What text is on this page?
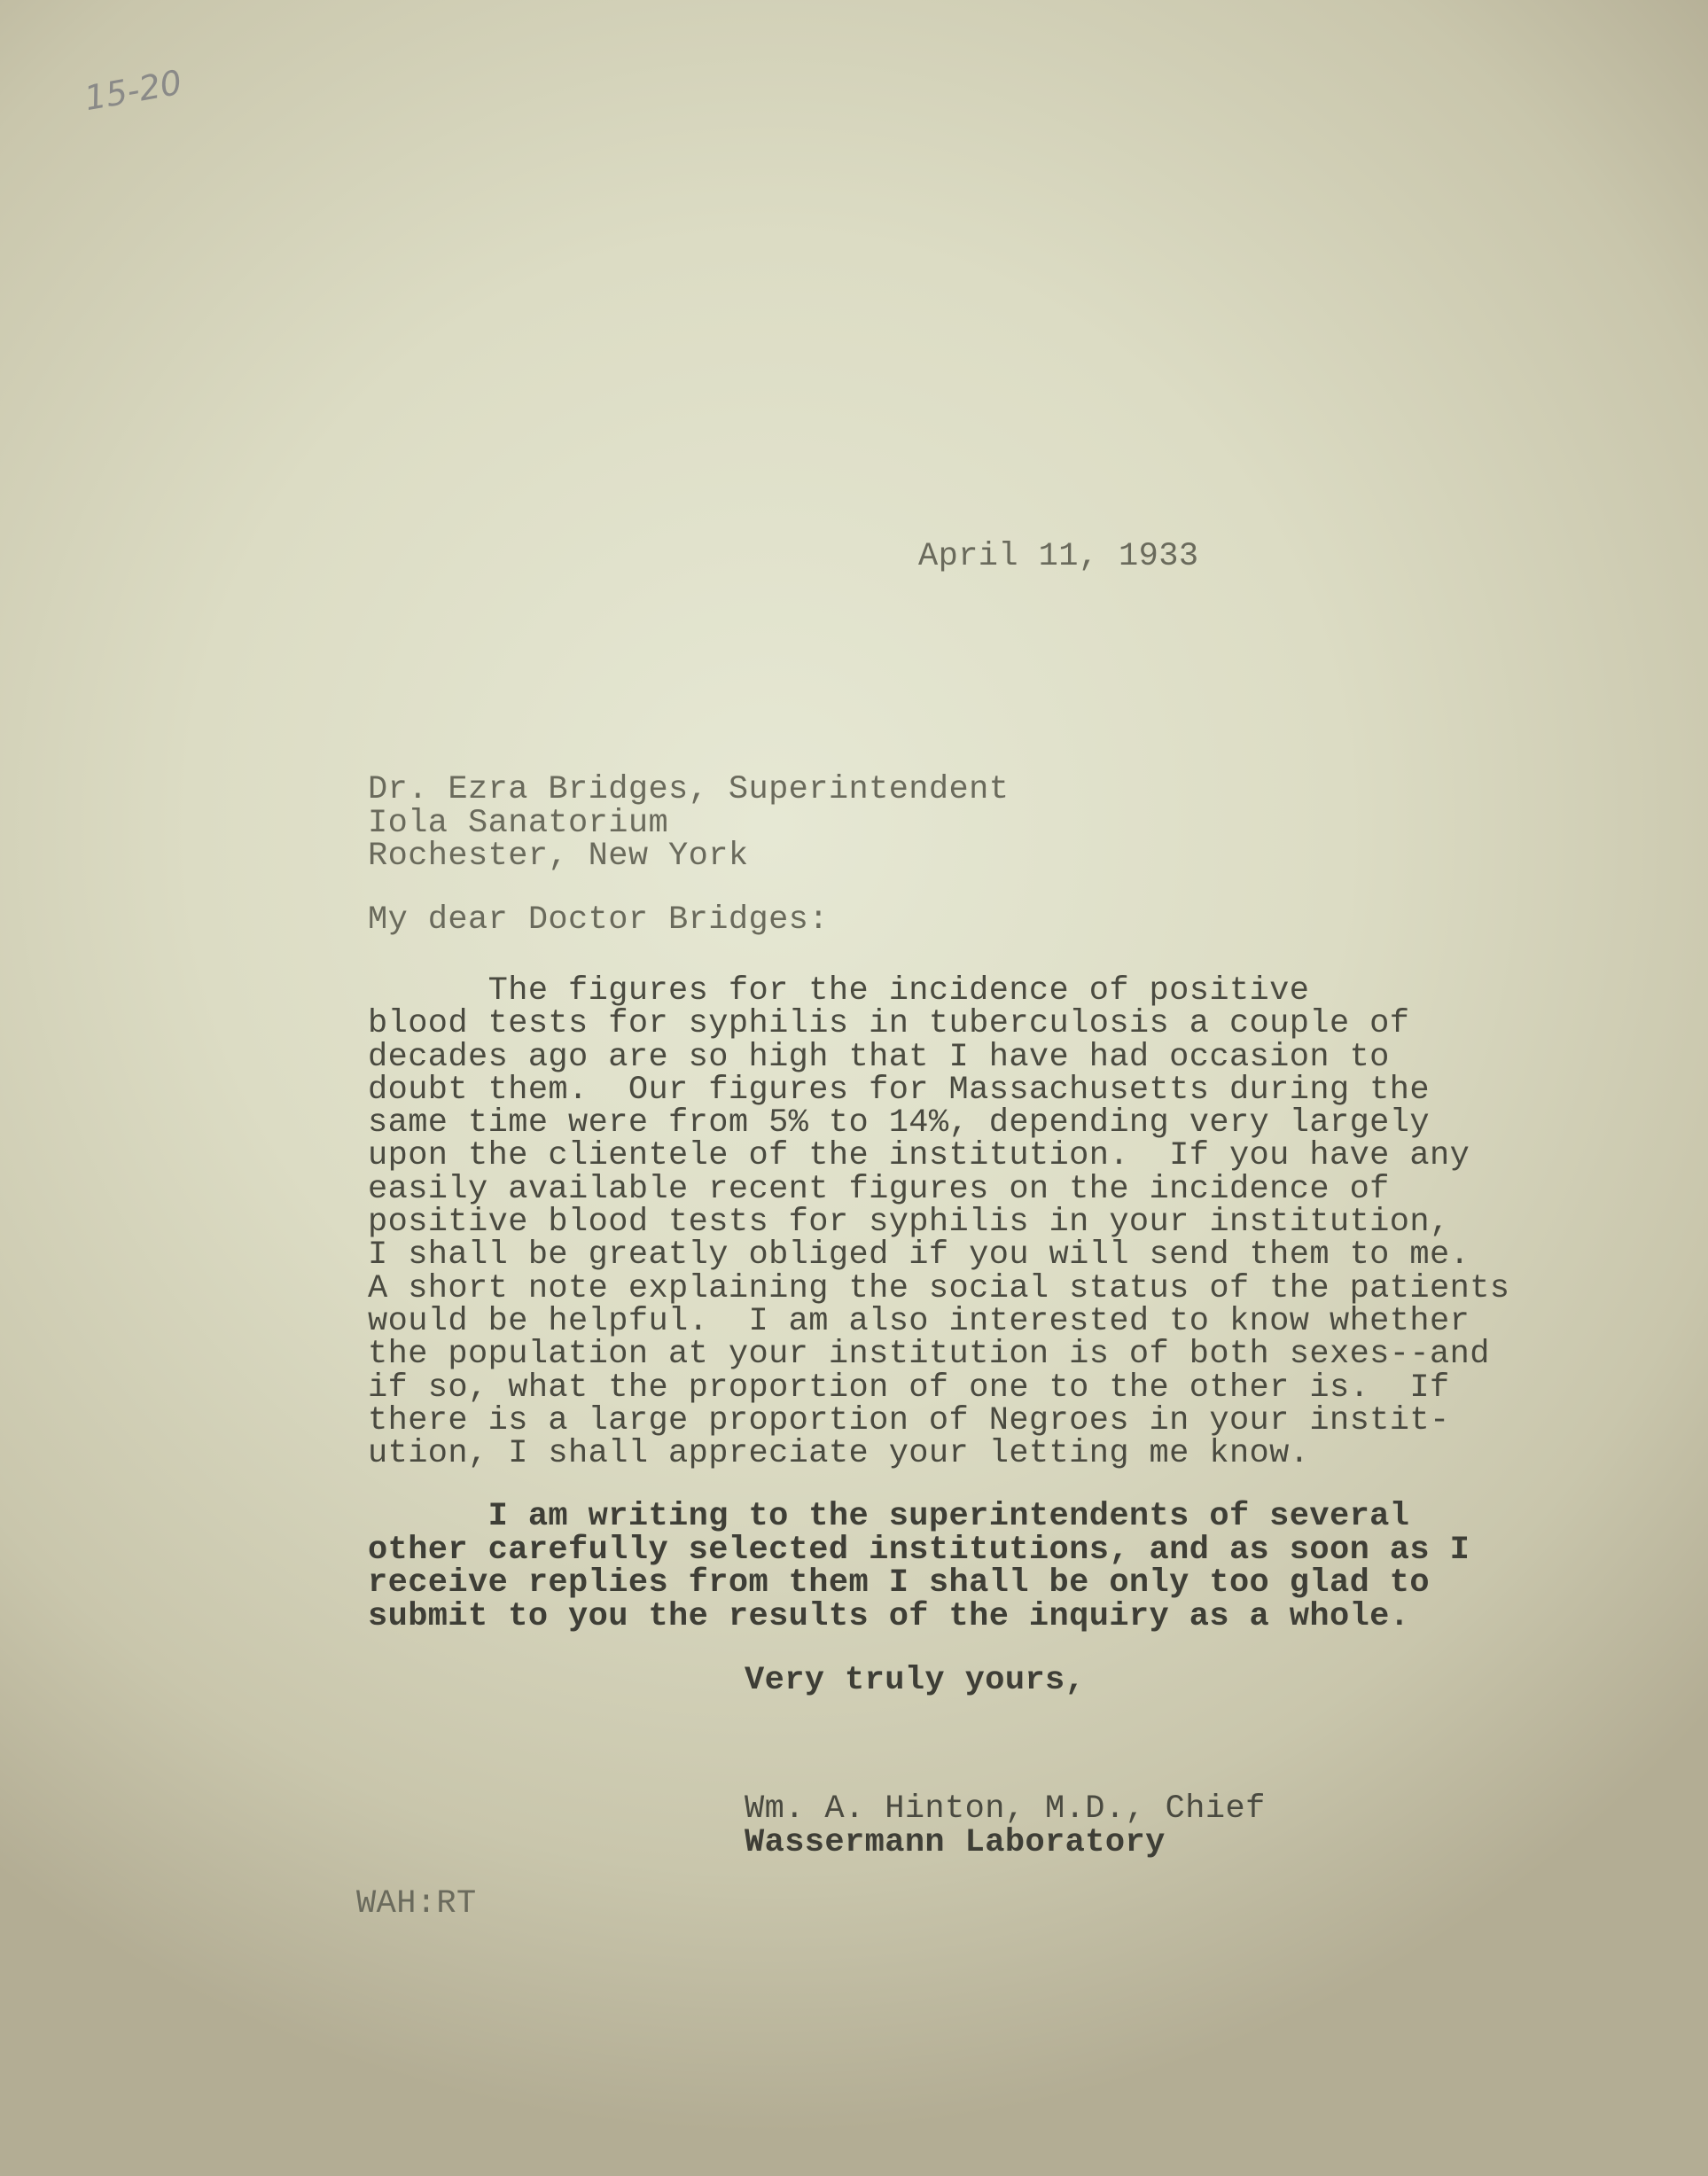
15-20
April 11, 1933
Dr. Ezra Bridges, Superintendent
Iola Sanatorium
Rochester, New York
My dear Doctor Bridges:
The figures for the incidence of positive
blood tests for syphilis in tuberculosis a couple of
decades ago are so high that I have had occasion to
doubt them.  Our figures for Massachusetts during the
same time were from 5% to 14%, depending very largely
upon the clientele of the institution.  If you have any
easily available recent figures on the incidence of
positive blood tests for syphilis in your institution,
I shall be greatly obliged if you will send them to me.
A short note explaining the social status of the patients
would be helpful.  I am also interested to know whether
the population at your institution is of both sexes--and
if so, what the proportion of one to the other is.  If
there is a large proportion of Negroes in your instit-
ution, I shall appreciate your letting me know.
I am writing to the superintendents of several
other carefully selected institutions, and as soon as I
receive replies from them I shall be only too glad to
submit to you the results of the inquiry as a whole.
Very truly yours,
Wm. A. Hinton, M.D., Chief
Wassermann Laboratory
WAH:RT
